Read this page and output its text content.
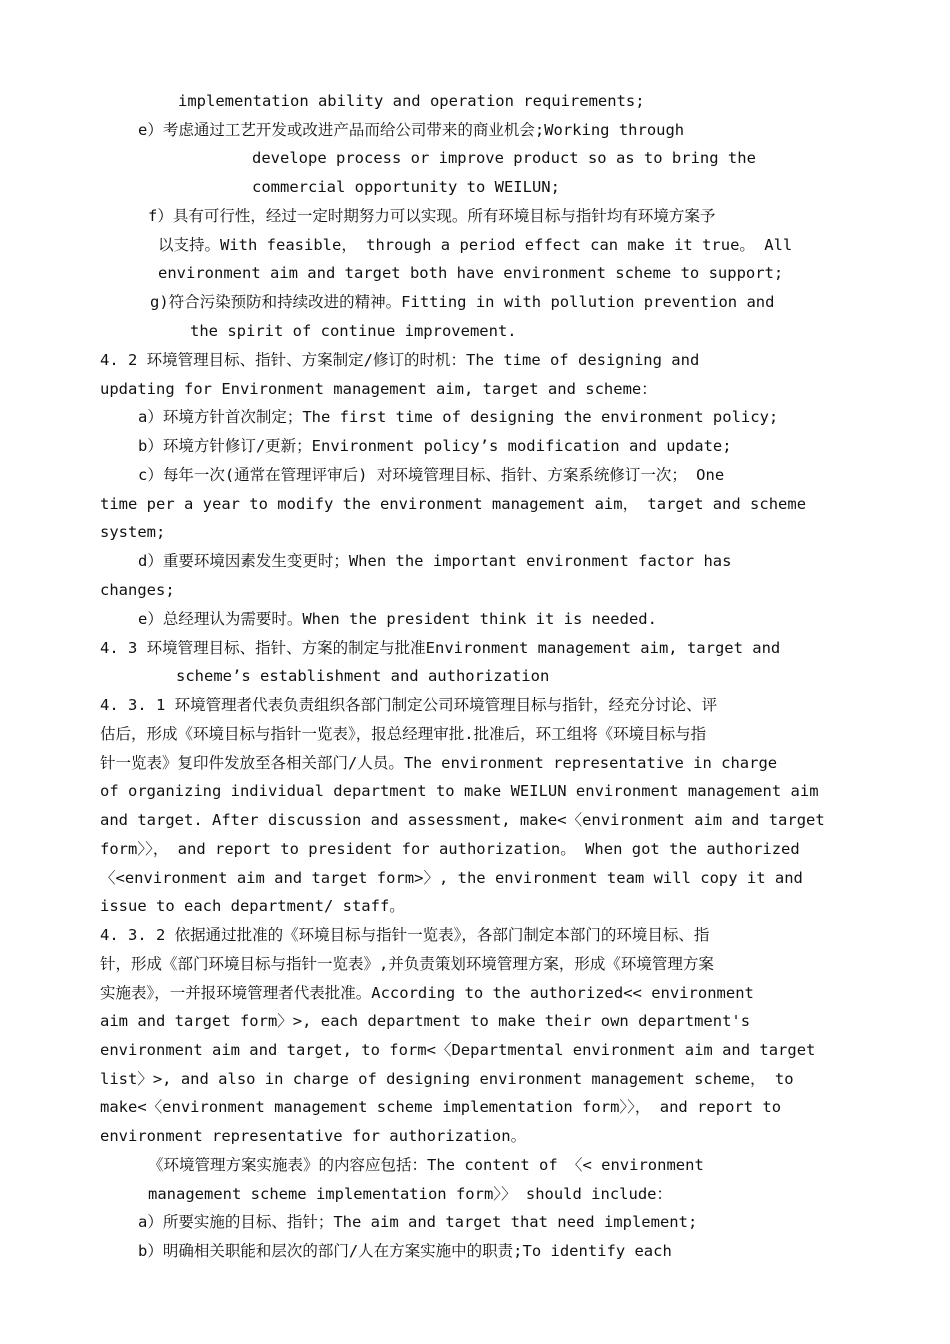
implementation ability and operation requirements;
e）考虑通过工艺开发或改进产品而给公司带来的商业机会;Working through
develope process or improve product so as to bring the
commercial opportunity to WEILUN;
f）具有可行性，经过一定时期努力可以实现。所有环境目标与指针均有环境方案予
以支持。With feasible， through a period effect can make it true。 All
environment aim and target both have environment scheme to support;
g)符合污染预防和持续改进的精神。Fitting in with pollution prevention and
the spirit of continue improvement.
4. 2 环境管理目标、指针、方案制定/修订的时机：The time of designing and
updating for Environment management aim, target and scheme：
a）环境方针首次制定；The first time of designing the environment policy;
b）环境方针修订/更新；Environment policy’s modification and update;
c）每年一次(通常在管理评审后) 对环境管理目标、指针、方案系统修订一次； One
time per a year to modify the environment management aim， target and scheme
system;
d）重要环境因素发生变更时；When the important environment factor has
changes;
e）总经理认为需要时。When the president think it is needed.
4. 3 环境管理目标、指针、方案的制定与批准Environment management aim, target and
scheme’s establishment and authorization
4. 3. 1 环境管理者代表负责组织各部门制定公司环境管理目标与指针，经充分讨论、评
估后，形成《环境目标与指针一览表》，报总经理审批.批准后，环工组将《环境目标与指
针一览表》复印件发放至各相关部门/人员。The environment representative in charge
of organizing individual department to make WEILUN environment management aim
and target. After discussion and assessment, make<〈environment aim and target
form〉〉， and report to president for authorization。 When got the authorized
〈<environment aim and target form>〉, the environment team will copy it and
issue to each department/ staff。
4. 3. 2 依据通过批准的《环境目标与指针一览表》，各部门制定本部门的环境目标、指
针，形成《部门环境目标与指针一览表》,并负责策划环境管理方案，形成《环境管理方案
实施表》，一并报环境管理者代表批准。According to the authorized<< environment
aim and target form〉>, each department to make their own department's
environment aim and target, to form<〈Departmental environment aim and target
list〉>, and also in charge of designing environment management scheme， to
make<〈environment management scheme implementation form〉〉， and report to
environment representative for authorization。
《环境管理方案实施表》的内容应包括：The content of 〈< environment
management scheme implementation form〉〉 should include：
a）所要实施的目标、指针；The aim and target that need implement;
b）明确相关职能和层次的部门/人在方案实施中的职责;To identify each
